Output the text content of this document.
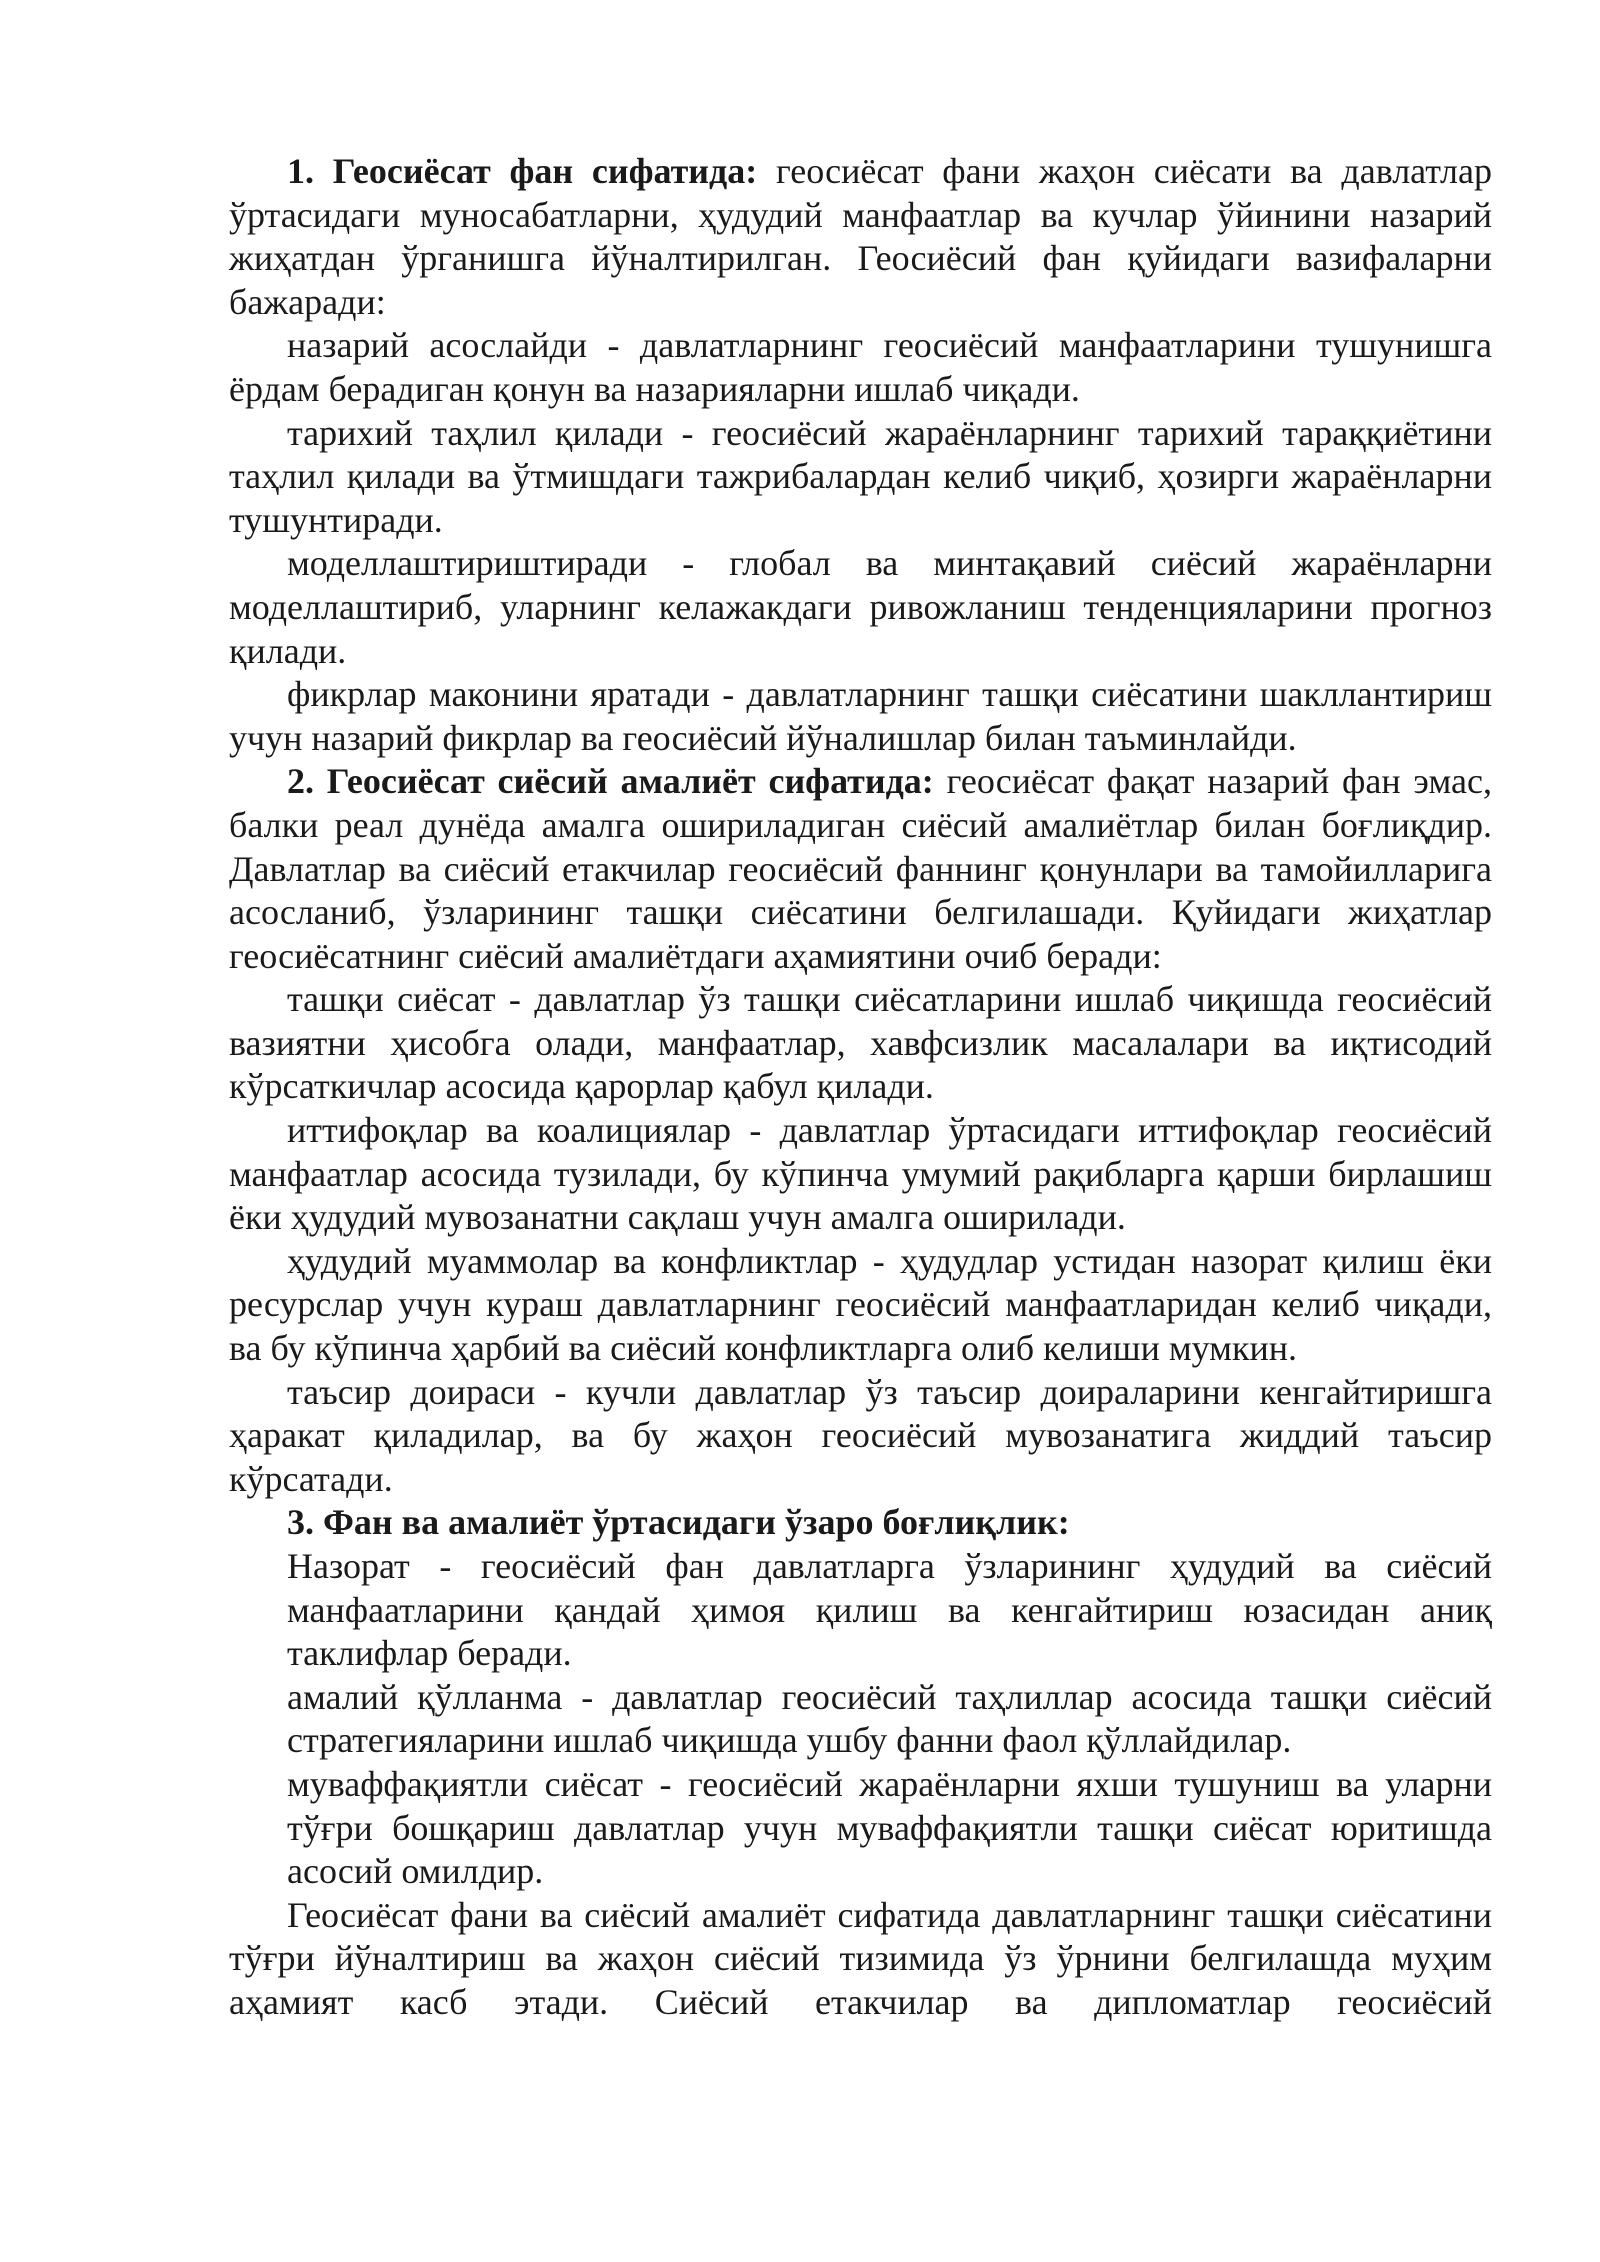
1. Геосиёсат фан сифатида: геосиёсат фани жаҳон сиёсати ва давлатлар ўртасидаги муносабатларни, ҳудудий манфаатлар ва кучлар ўйинини назарий жиҳатдан ўрганишга йўналтирилган. Геосиёсий фан қуйидаги вазифаларни бажаради:

назарий асослайди - давлатларнинг геосиёсий манфаатларини тушунишга ёрдам берадиган қонун ва назарияларни ишлаб чиқади.

тарихий таҳлил қилади - геосиёсий жараёнларнинг тарихий тараққиётини таҳлил қилади ва ўтмишдаги тажрибалардан келиб чиқиб, ҳозирги жараёнларни тушунтиради.

моделлаштириштиради - глобал ва минтақавий сиёсий жараёнларни моделлаштириб, уларнинг келажакдаги ривожланиш тенденцияларини прогноз қилади.

фикрлар маконини яратади - давлатларнинг ташқи сиёсатини шакллантириш учун назарий фикрлар ва геосиёсий йўналишлар билан таъминлайди.

2. Геосиёсат сиёсий амалиёт сифатида: геосиёсат фақат назарий фан эмас, балки реал дунёда амалга ошириладиган сиёсий амалиётлар билан боғлиқдир. Давлатлар ва сиёсий етакчилар геосиёсий фаннинг қонунлари ва тамойилларига асосланиб, ўзларининг ташқи сиёсатини белгилашади. Қуйидаги жиҳатлар геосиёсатнинг сиёсий амалиётдаги аҳамиятини очиб беради:

ташқи сиёсат - давлатлар ўз ташқи сиёсатларини ишлаб чиқишда геосиёсий вазиятни ҳисобга олади, манфаатлар, хавфсизлик масалалари ва иқтисодий кўрсаткичлар асосида қарорлар қабул қилади.

иттифоқлар ва коалициялар - давлатлар ўртасидаги иттифоқлар геосиёсий манфаатлар асосида тузилади, бу кўпинча умумий рақибларга қарши бирлашиш ёки ҳудудий мувозанатни сақлаш учун амалга оширилади.

ҳудудий муаммолар ва конфликтлар - ҳудудлар устидан назорат қилиш ёки ресурслар учун кураш давлатларнинг геосиёсий манфаатларидан келиб чиқади, ва бу кўпинча ҳарбий ва сиёсий конфликтларга олиб келиши мумкин.

таъсир доираси - кучли давлатлар ўз таъсир доираларини кенгайтиришга ҳаракат қиладилар, ва бу жаҳон геосиёсий мувозанатига жиддий таъсир кўрсатади.

3. Фан ва амалиёт ўртасидаги ўзаро боғлиқлик:

Назорат - геосиёсий фан давлатларга ўзларининг ҳудудий ва сиёсий манфаатларини қандай ҳимоя қилиш ва кенгайтириш юзасидан аниқ таклифлар беради.

амалий қўлланма - давлатлар геосиёсий таҳлиллар асосида ташқи сиёсий стратегияларини ишлаб чиқишда ушбу фанни фаол қўллайдилар.

муваффақиятли сиёсат - геосиёсий жараёнларни яхши тушуниш ва уларни тўғри бошқариш давлатлар учун муваффақиятли ташқи сиёсат юритишда асосий омилдир.

Геосиёсат фани ва сиёсий амалиёт сифатида давлатларнинг ташқи сиёсатини тўғри йўналтириш ва жаҳон сиёсий тизимида ўз ўрнини белгилашда муҳим аҳамият касб этади. Сиёсий етакчилар ва дипломатлар геосиёсий
